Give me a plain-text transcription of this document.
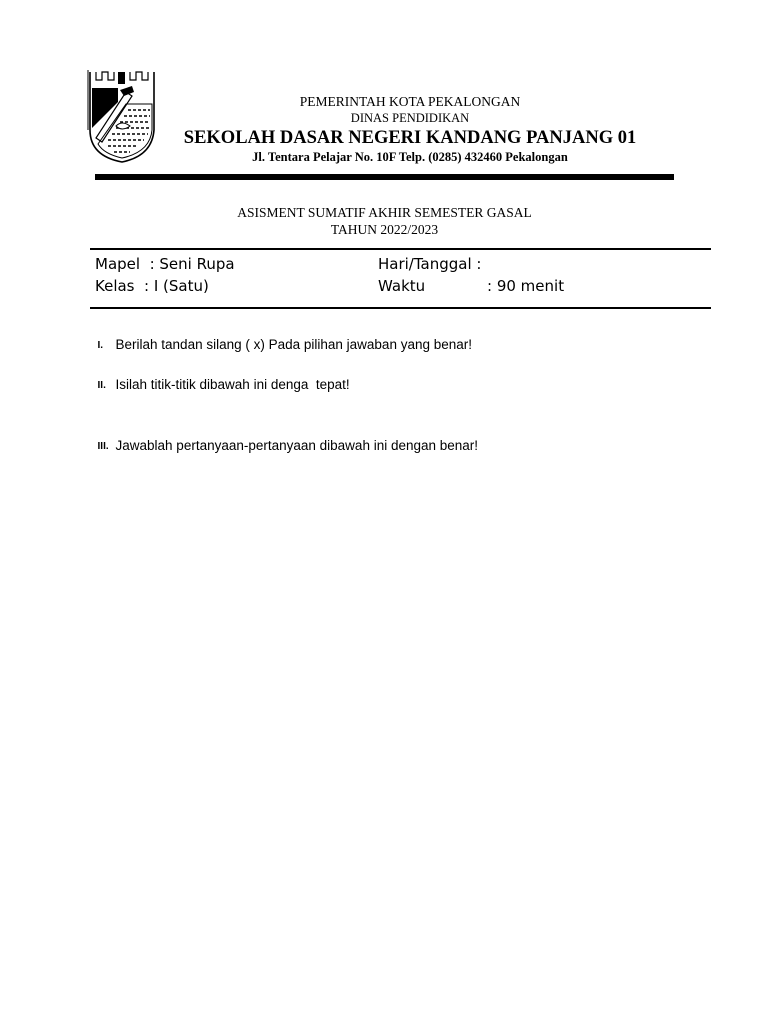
PEMERINTAH KOTA PEKALONGAN
DINAS PENDIDIKAN
SEKOLAH DASAR NEGERI KANDANG PANJANG 01
Jl. Tentara Pelajar No. 10F Telp. (0285) 432460 Pekalongan
ASISMENT SUMATIF AKHIR SEMESTER GASAL
TAHUN 2022/2023
Mapel  : Seni Rupa
Kelas  : I (Satu)
Hari/Tanggal :
Waktu	: 90 menit

I. Berilah tandan silang ( x) Pada pilihan jawaban yang benar!

II. Isilah titik-titik dibawah ini denga  tepat!

III. Jawablah pertanyaan-pertanyaan dibawah ini dengan benar!
